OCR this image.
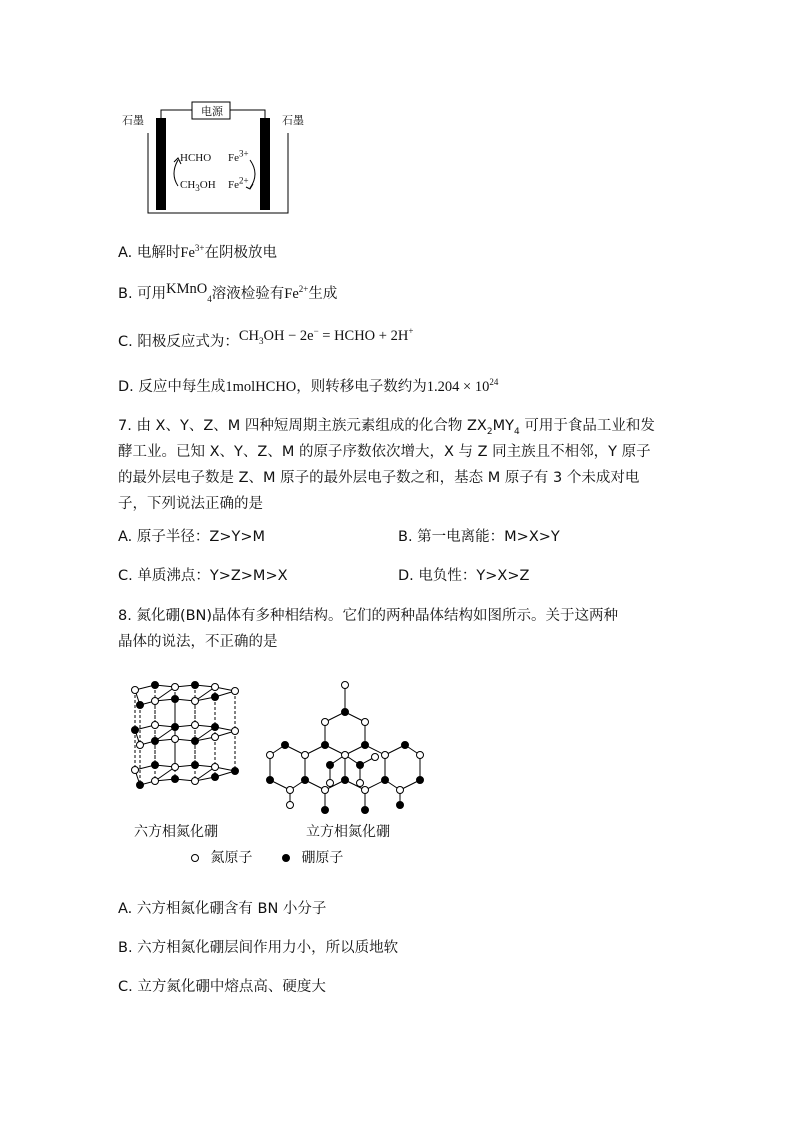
电源
石墨	石墨
HCHO
$CH_3OH$
$Fe^{3+}$
$Fe^{2+}$
A. 电解时$Fe^{3+}$在阴极放电
B. 可用KMnO$_4$溶液检验有$Fe^{2+}$生成
C. 阳极反应式为：$CH_3OH - 2e^-$ = HCHO + 2H+
D. 反应中每生成1molHCHO，则转移电子数约为$1.204 \times 10^{24}$
7. 由 X、Y、Z、M 四种短周期主族元素组成的化合物 $ZX_2MY_4$ 可用于食品工业和发
酵工业。已知 X、Y、Z、M 的原子序数依次增大，X 与 Z 同主族且不相邻，Y 原子
的最外层电子数是 Z、M 原子的最外层电子数之和，基态 M 原子有 3 个未成对电
子，下列说法正确的是
A. 原子半径：Z>Y>M	B. 第一电离能：M>X>Y
C. 单质沸点：Y>Z>M>X	D. 电负性：Y>X>Z
8. 氮化硼(BN)晶体有多种相结构。它们的两种晶体结构如图所示。关于这两种
晶体的说法，不正确的是
六方相氮化硼	立方相氮化硼
氮原子	硼原子
A. 六方相氮化硼含有 BN 小分子
B. 六方相氮化硼层间作用力小，所以质地软
C. 立方氮化硼中熔点高、硬度大
